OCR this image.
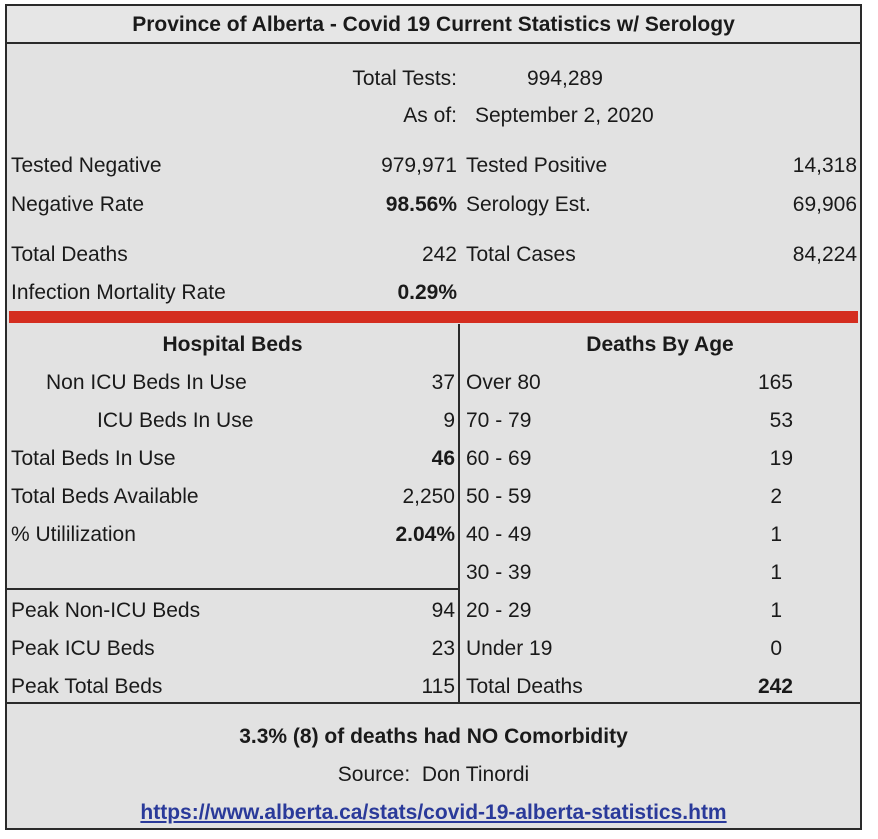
Province of Alberta - Covid 19 Current Statistics w/ Serology
Total Tests:	994,289
As of: September 2, 2020
Tested Negative	979,971 Tested Positive	14,318
Negative Rate	98.56% Serology Est.	69,906
Total Deaths	242 Total Cases	84,224
Infection Mortality Rate	0.29%
Hospital Beds
Non ICU Beds In Use	37
ICU Beds In Use	9
Total Beds In Use	46
Total Beds Available	2,250
% Utililization	2.04%
Peak Non-ICU Beds	94
Peak ICU Beds	23
Peak Total Beds	115
Deaths By Age
Over 80	165
70 - 79	53
60 - 69	19
50 - 59	2
40 - 49	1
30 - 39	1
20 - 29	1
Under 19	0
Total Deaths	242
3.3% (8) of deaths had NO Comorbidity
Source:  Don Tinordi
https://www.alberta.ca/stats/covid-19-alberta-statistics.htm
